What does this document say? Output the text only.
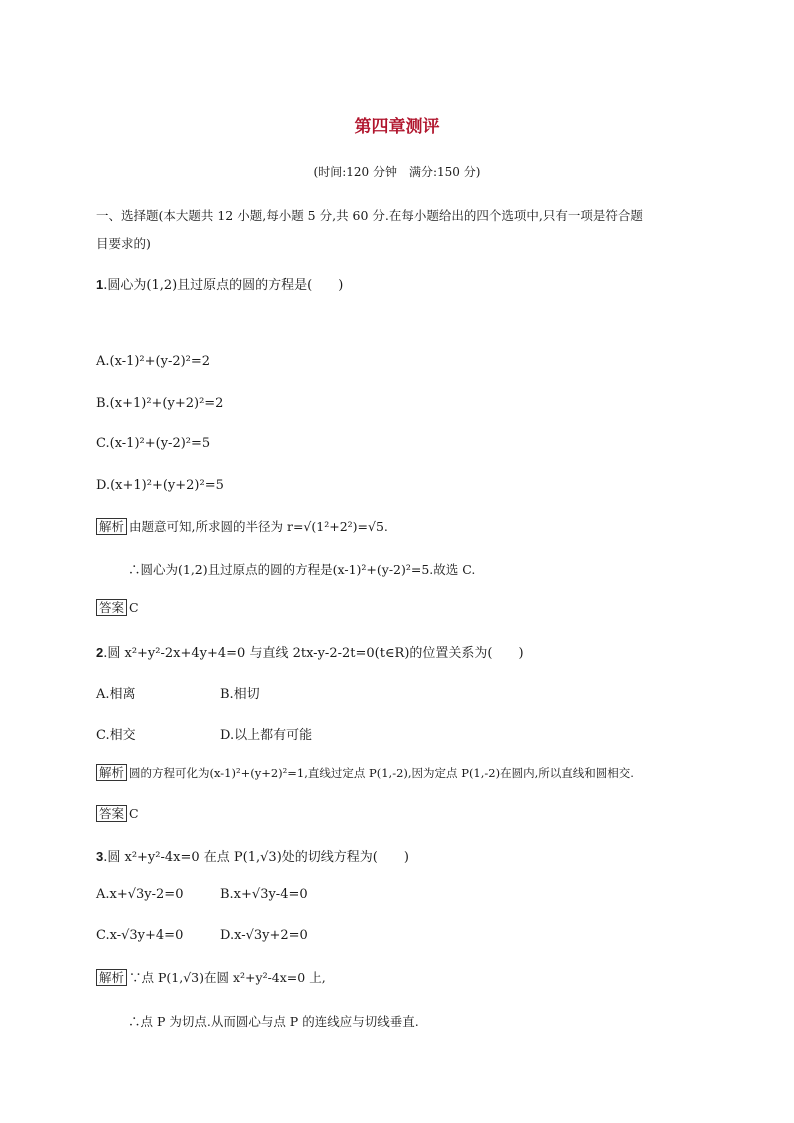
第四章测评
(时间:120 分钟　满分:150 分)
一、选择题(本大题共 12 小题,每小题 5 分,共 60 分.在每小题给出的四个选项中,只有一项是符合题
目要求的)
1.圆心为(1,2)且过原点的圆的方程是(　　)
A.(x-1)²+(y-2)²=2
B.(x+1)²+(y+2)²=2
C.(x-1)²+(y-2)²=5
D.(x+1)²+(y+2)²=5
解析 由题意可知,所求圆的半径为 r=√(1²+2²)=√5.
∴圆心为(1,2)且过原点的圆的方程是(x-1)²+(y-2)²=5.故选 C.
答案 C
2.圆 x²+y²-2x+4y+4=0 与直线 2tx-y-2-2t=0(t∈R)的位置关系为(　　)
A.相离	B.相切
C.相交	D.以上都有可能
解析 圆的方程可化为(x-1)²+(y+2)²=1,直线过定点 P(1,-2),因为定点 P(1,-2)在圆内,所以直线和圆相交.
答案 C
3.圆 x²+y²-4x=0 在点 P(1,√3)处的切线方程为(　　)
A.x+√3y-2=0	B.x+√3y-4=0
C.x-√3y+4=0	D.x-√3y+2=0
解析 ∵点 P(1,√3)在圆 x²+y²-4x=0 上,
∴点 P 为切点.从而圆心与点 P 的连线应与切线垂直.
